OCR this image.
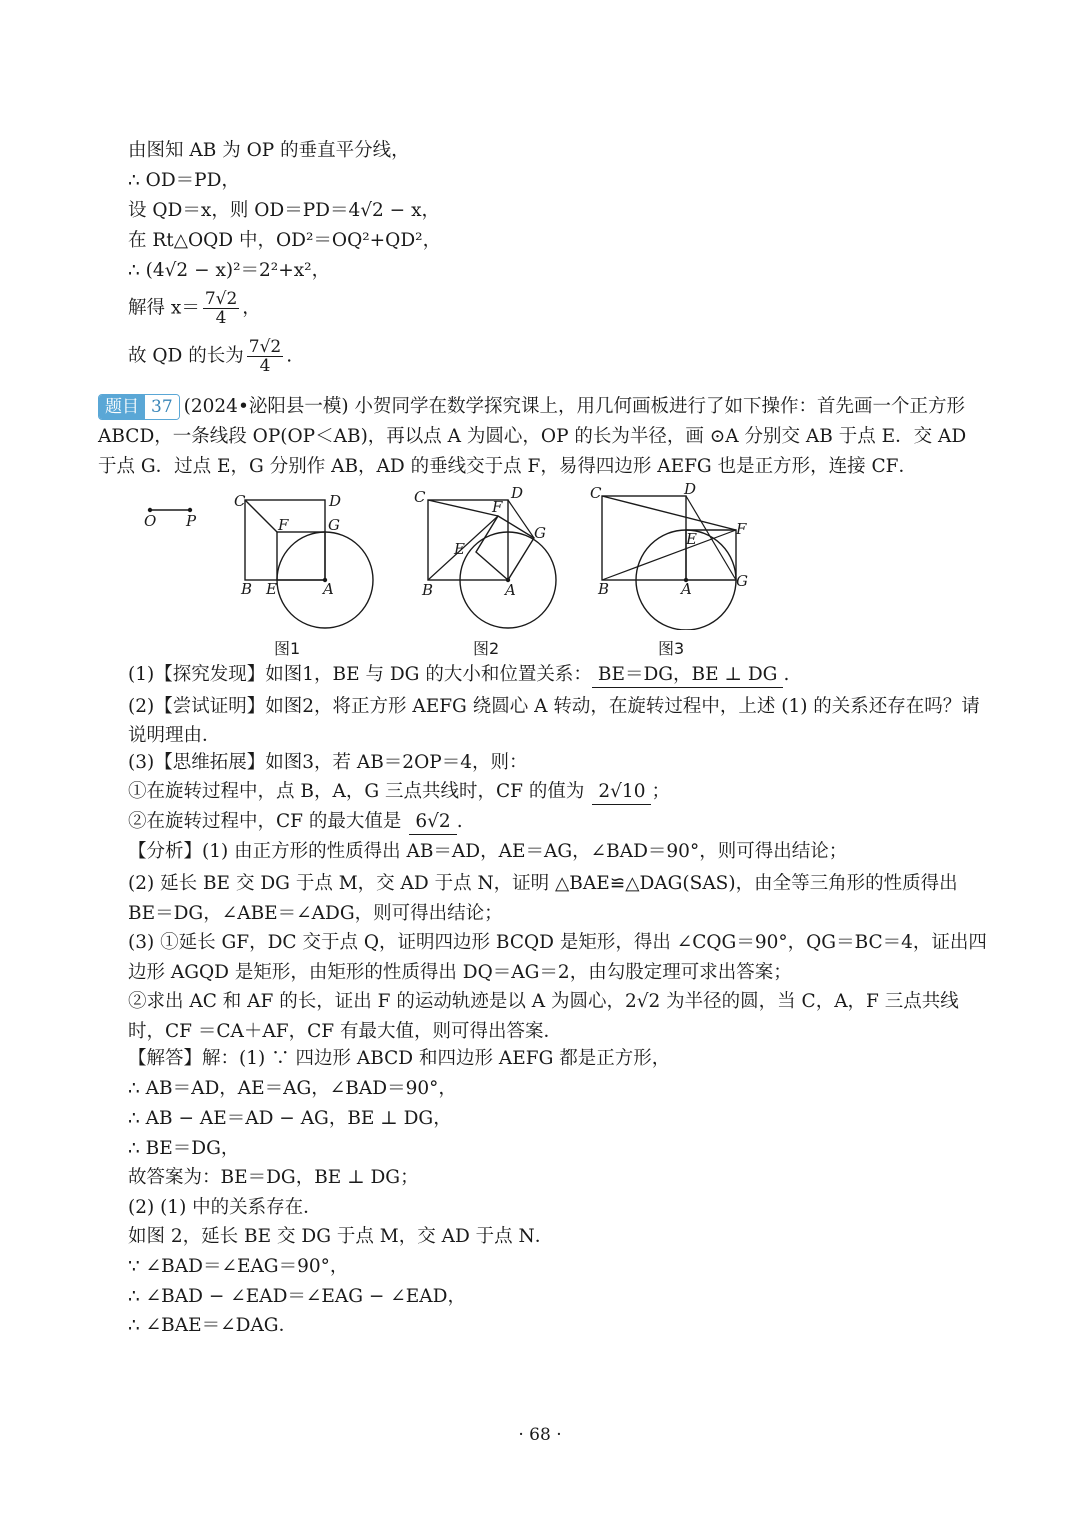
由图知 AB 为 OP 的垂直平分线，
∴ OD＝PD，
设 QD＝x，则 OD＝PD＝4√2 − x，
在 Rt△OQD 中，OD²＝OQ²+QD²，
∴ (4√2 − x)²＝2²+x²，
解得 $x= \frac{7√2}{4}$ ，
故 QD 的长为 $\frac{7√2}{4}$ .
题目 37 (2024•泌阳县一模) 小贺同学在数学探究课上，用几何画板进行了如下操作：首先画一个正方形 ABCD，一条线段 OP(OP＜AB)，再以点 A 为圆心，OP 的长为半径，画 ⊙A 分别交 AB 于点 E．交 AD 于点 G．过点 E，G 分别作 AB，AD 的垂线交于点 F，易得四边形 AEFG 也是正方形，连接 CF．
O P
C	D
F	G
B E	A
图1
C	D
F
G
E
B	A
图2
C	D
F
E
G
B	A
图3
(1)【探究发现】如图1，BE 与 DG 的大小和位置关系： BE＝DG，BE ⊥ DG .
(2)【尝试证明】如图2，将正方形 AEFG 绕圆心 A 转动，在旋转过程中，上述 (1) 的关系还存在吗？请说明理由．
(3)【思维拓展】如图3，若 AB＝2OP＝4，则：
①在旋转过程中，点 B，A，G 三点共线时，CF 的值为 2√10 ；
②在旋转过程中，CF 的最大值是 6√2 .
【分析】(1) 由正方形的性质得出 AB＝AD，AE＝AG，∠BAD＝90°，则可得出结论；
(2) 延长 BE 交 DG 于点 M，交 AD 于点 N，证明 △BAE≌△DAG(SAS)，由全等三角形的性质得出 BE＝DG，∠ABE＝∠ADG，则可得出结论；
(3) ①延长 GF，DC 交于点 Q，证明四边形 BCQD 是矩形，得出 ∠CQG＝90°，QG＝BC＝4，证出四边形 AGQD 是矩形，由矩形的性质得出 DQ＝AG＝2，由勾股定理可求出答案；
②求出 AC 和 AF 的长，证出 F 的运动轨迹是以 A 为圆心，2√2 为半径的圆，当 C，A，F 三点共线时，CF ＝CA＋AF，CF 有最大值，则可得出答案．
【解答】解：(1) ∵ 四边形 ABCD 和四边形 AEFG 都是正方形，
∴ AB＝AD，AE＝AG，∠BAD＝90°，
∴ AB − AE＝AD − AG，BE ⊥ DG，
∴ BE＝DG，
故答案为：BE＝DG，BE ⊥ DG；
(2) (1) 中的关系存在．
如图 2，延长 BE 交 DG 于点 M，交 AD 于点 N．
∵ ∠BAD＝∠EAG＝90°，
∴ ∠BAD − ∠EAD＝∠EAG − ∠EAD，
∴ ∠BAE＝∠DAG．
· 68 ·
